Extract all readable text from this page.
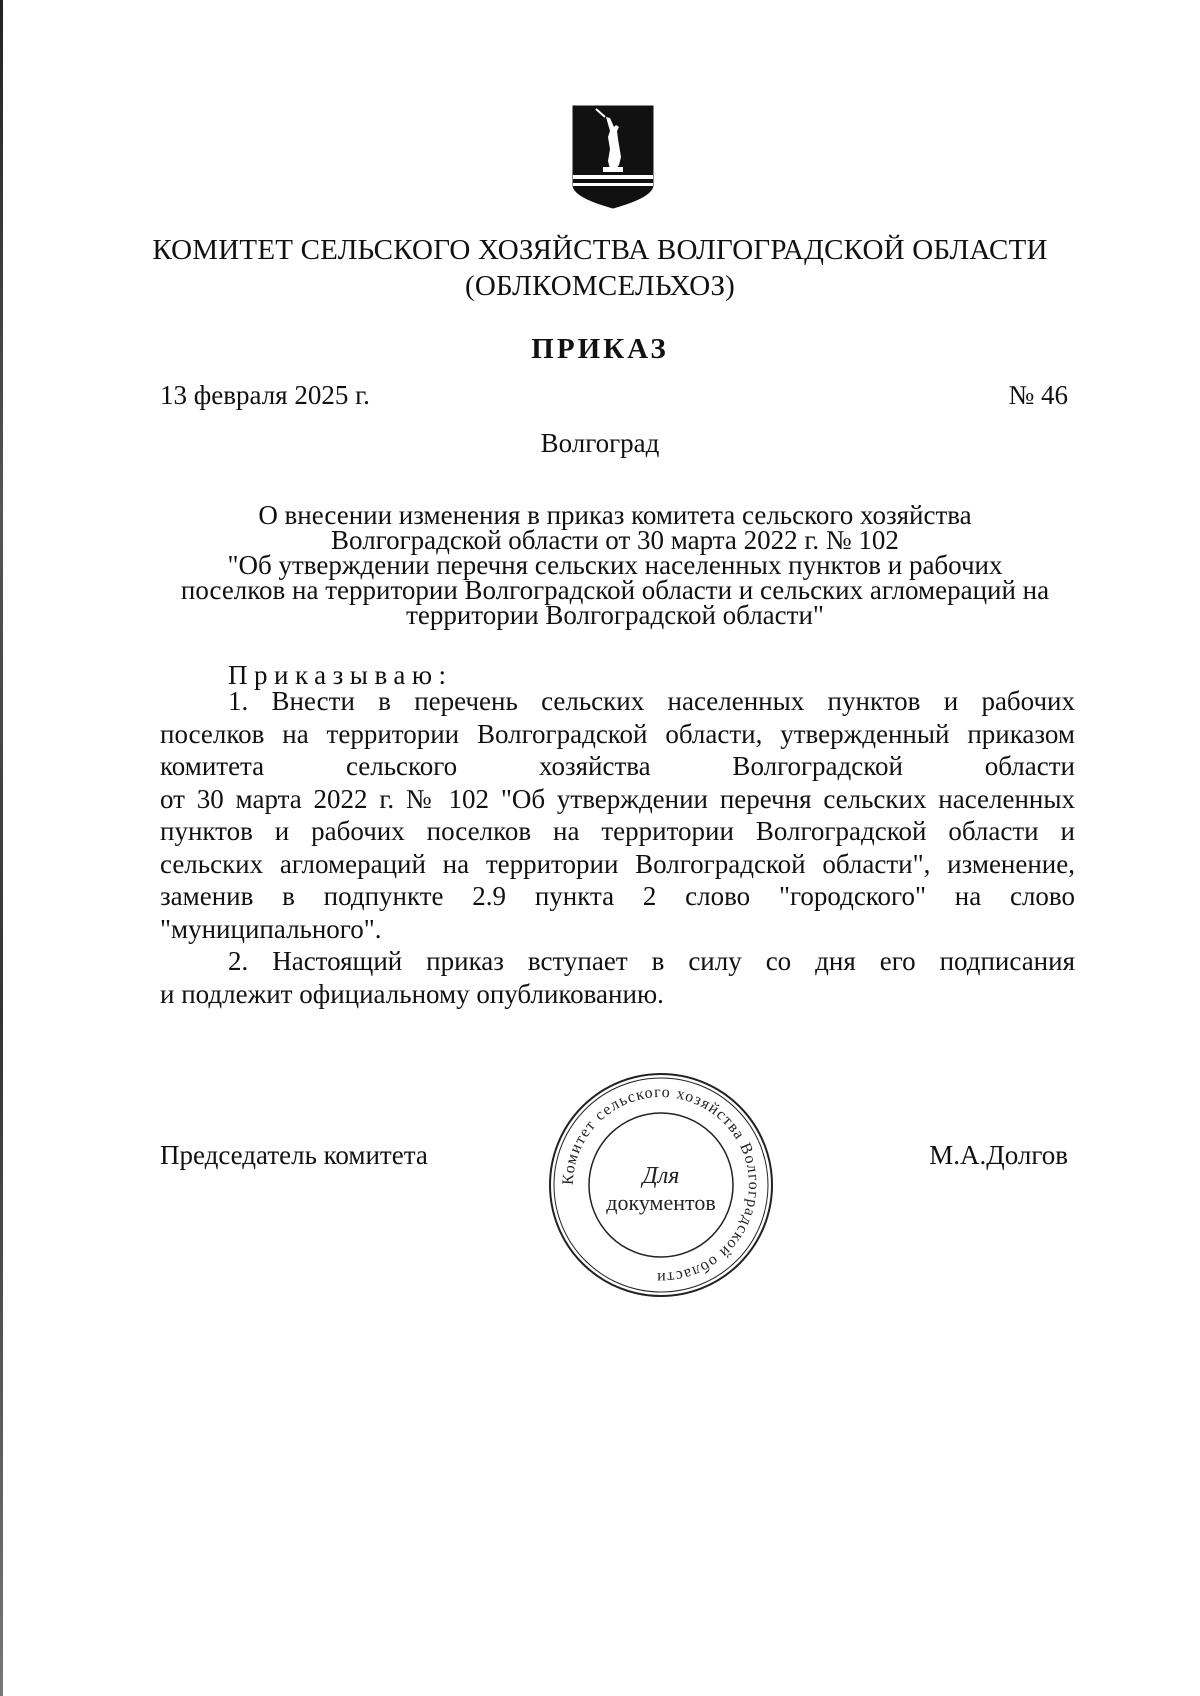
КОМИТЕТ СЕЛЬСКОГО ХОЗЯЙСТВА ВОЛГОГРАДСКОЙ ОБЛАСТИ
(ОБЛКОМСЕЛЬХОЗ)
ПРИКАЗ
13 февраля 2025 г.	№ 46
Волгоград
О внесении изменения в приказ комитета сельского хозяйства
Волгоградской области от 30 марта 2022 г. № 102
"Об утверждении перечня сельских населенных пунктов и рабочих
поселков на территории Волгоградской области и сельских агломераций на
территории Волгоградской области"
Приказываю:
1. Внести в перечень сельских населенных пунктов и рабочих
поселков на территории Волгоградской области, утвержденный приказом
комитета сельского хозяйства Волгоградской области
от 30 марта 2022 г. № 102 "Об утверждении перечня сельских населенных
пунктов и рабочих поселков на территории Волгоградской области и
сельских агломераций на территории Волгоградской области", изменение,
заменив в подпункте 2.9 пункта 2 слово "городского" на слово
"муниципального".
2. Настоящий приказ вступает в силу со дня его подписания
и подлежит официальному опубликованию.
Председатель комитета	М.А.Долгов
Комитет сельского хозяйства Волгоградской области
Для
документов
